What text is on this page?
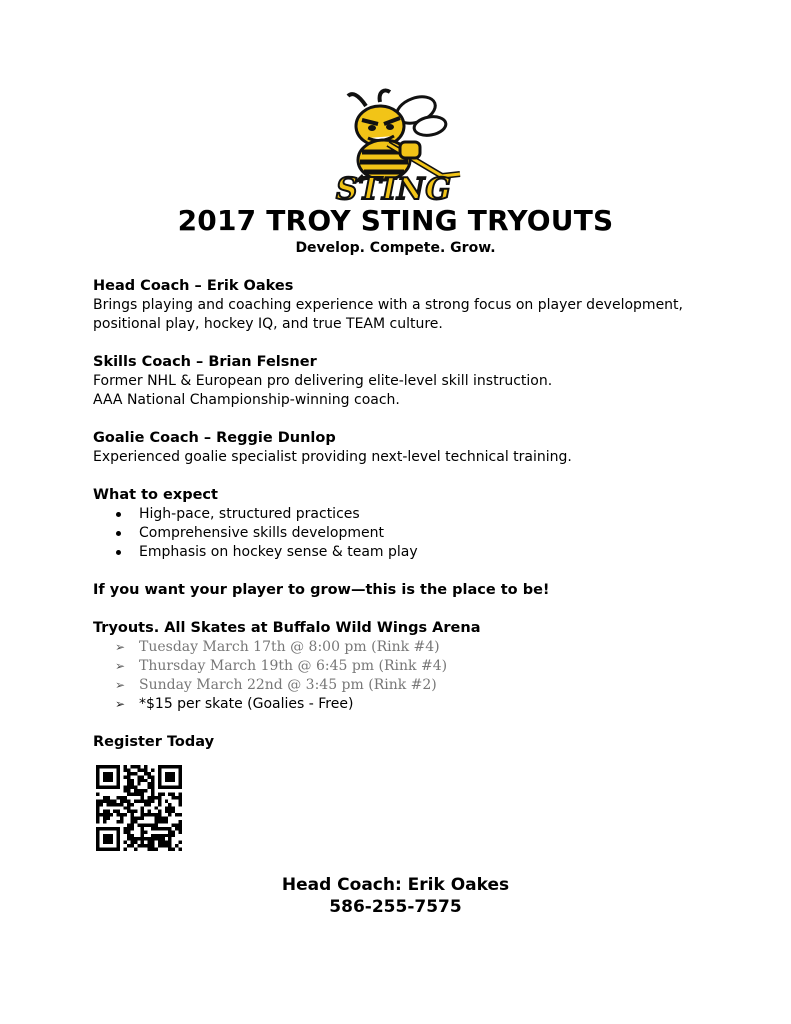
STING
2017 TROY STING TRYOUTS
Develop. Compete. Grow.

Head Coach – Erik Oakes

Brings playing and coaching experience with a strong focus on player development,

positional play, hockey IQ, and true TEAM culture.

Skills Coach – Brian Felsner

Former NHL & European pro delivering elite-level skill instruction.

AAA National Championship-winning coach.

Goalie Coach – Reggie Dunlop

Experienced goalie specialist providing next-level technical training.

What to expect

High-pace, structured practices
Comprehensive skills development
Emphasis on hockey sense & team play

If you want your player to grow—this is the place to be!

Tryouts. All Skates at Buffalo Wild Wings Arena

➢ Tuesday March 17th @ 8:00 pm (Rink #4)
➢ Thursday March 19th @ 6:45 pm (Rink #4)
➢ Sunday March 22nd @ 3:45 pm (Rink #2)
➢ *$15 per skate (Goalies - Free)

Register Today

Head Coach: Erik Oakes
586-255-7575
